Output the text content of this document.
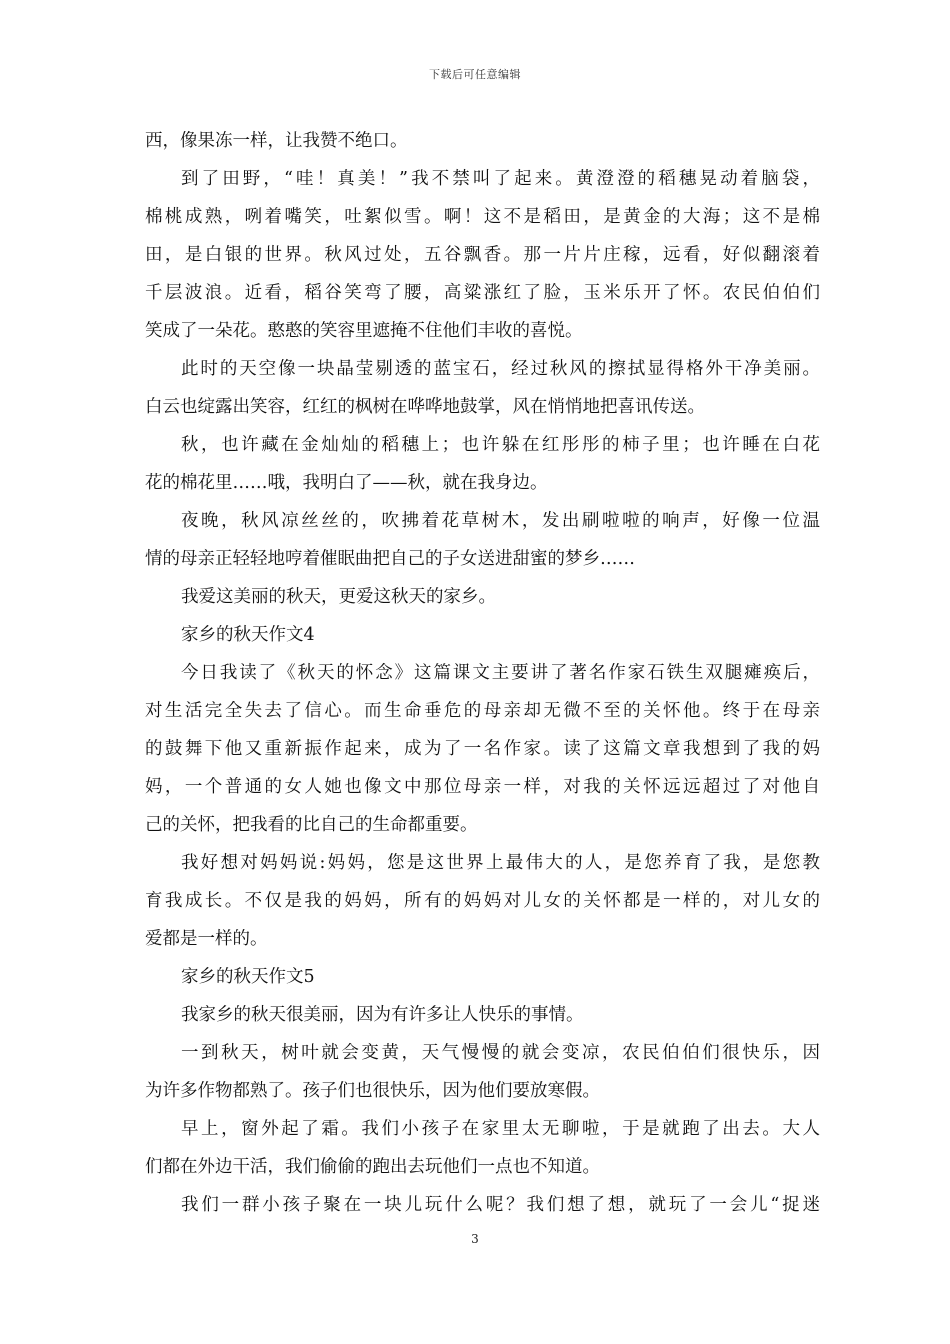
下载后可任意编辑
西，像果冻一样，让我赞不绝口。
到了田野，“哇！真美！”我不禁叫了起来。黄澄澄的稻穗晃动着脑袋，
棉桃成熟，咧着嘴笑，吐絮似雪。啊！这不是稻田，是黄金的大海；这不是棉
田，是白银的世界。秋风过处，五谷飘香。那一片片庄稼，远看，好似翻滚着
千层波浪。近看，稻谷笑弯了腰，高粱涨红了脸，玉米乐开了怀。农民伯伯们
笑成了一朵花。憨憨的笑容里遮掩不住他们丰收的喜悦。
此时的天空像一块晶莹剔透的蓝宝石，经过秋风的擦拭显得格外干净美丽。
白云也绽露出笑容，红红的枫树在哗哗地鼓掌，风在悄悄地把喜讯传送。
秋，也许藏在金灿灿的稻穗上；也许躲在红彤彤的柿子里；也许睡在白花
花的棉花里……哦，我明白了——秋，就在我身边。
夜晚，秋风凉丝丝的，吹拂着花草树木，发出刷啦啦的响声，好像一位温
情的母亲正轻轻地哼着催眠曲把自己的子女送进甜蜜的梦乡……
我爱这美丽的秋天，更爱这秋天的家乡。
家乡的秋天作文4
今日我读了《秋天的怀念》这篇课文主要讲了著名作家石铁生双腿瘫痪后，
对生活完全失去了信心。而生命垂危的母亲却无微不至的关怀他。终于在母亲
的鼓舞下他又重新振作起来，成为了一名作家。读了这篇文章我想到了我的妈
妈，一个普通的女人她也像文中那位母亲一样，对我的关怀远远超过了对他自
己的关怀，把我看的比自己的生命都重要。
我好想对妈妈说:妈妈，您是这世界上最伟大的人，是您养育了我，是您教
育我成长。不仅是我的妈妈，所有的妈妈对儿女的关怀都是一样的，对儿女的
爱都是一样的。
家乡的秋天作文5
我家乡的秋天很美丽，因为有许多让人快乐的事情。
一到秋天，树叶就会变黄，天气慢慢的就会变凉，农民伯伯们很快乐，因
为许多作物都熟了。孩子们也很快乐，因为他们要放寒假。
早上，窗外起了霜。我们小孩子在家里太无聊啦，于是就跑了出去。大人
们都在外边干活，我们偷偷的跑出去玩他们一点也不知道。
我们一群小孩子聚在一块儿玩什么呢？我们想了想，就玩了一会儿“捉迷
3
